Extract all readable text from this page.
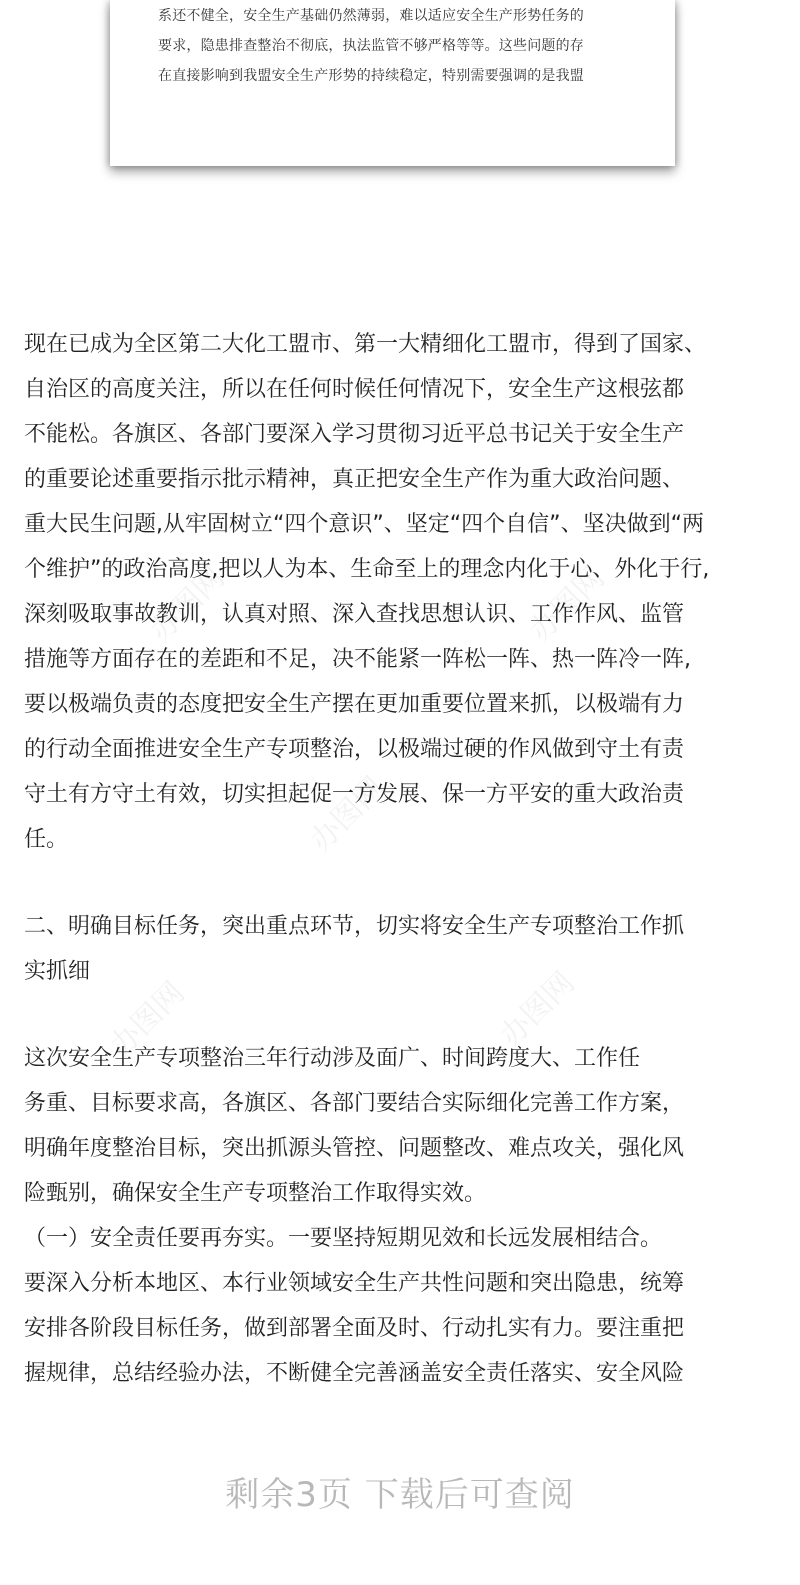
系还不健全，安全生产基础仍然薄弱，难以适应安全生产形势任务的
要求，隐患排查整治不彻底，执法监管不够严格等等。这些问题的存
在直接影响到我盟安全生产形势的持续稳定，特别需要强调的是我盟
现在已成为全区第二大化工盟市、第一大精细化工盟市，得到了国家、
自治区的高度关注，所以在任何时候任何情况下，安全生产这根弦都
不能松。各旗区、各部门要深入学习贯彻习近平总书记关于安全生产
的重要论述重要指示批示精神，真正把安全生产作为重大政治问题、
重大民生问题,从牢固树立“四个意识”、坚定“四个自信”、坚决做到“两
个维护”的政治高度,把以人为本、生命至上的理念内化于心、外化于行,
深刻吸取事故教训，认真对照、深入查找思想认识、工作作风、监管
措施等方面存在的差距和不足，决不能紧一阵松一阵、热一阵冷一阵,
要以极端负责的态度把安全生产摆在更加重要位置来抓，以极端有力
的行动全面推进安全生产专项整治，以极端过硬的作风做到守土有责
守土有方守土有效，切实担起促一方发展、保一方平安的重大政治责
任。
二、明确目标任务，突出重点环节，切实将安全生产专项整治工作抓
实抓细
这次安全生产专项整治三年行动涉及面广、时间跨度大、工作任
务重、目标要求高，各旗区、各部门要结合实际细化完善工作方案，
明确年度整治目标，突出抓源头管控、问题整改、难点攻关，强化风
险甄别，确保安全生产专项整治工作取得实效。
（一）安全责任要再夯实。一要坚持短期见效和长远发展相结合。
要深入分析本地区、本行业领域安全生产共性问题和突出隐患，统筹
安排各阶段目标任务，做到部署全面及时、行动扎实有力。要注重把
握规律，总结经验办法，不断健全完善涵盖安全责任落实、安全风险
办图网	办图网
办图网
办图网	办图网
剩余3页 下载后可查阅
